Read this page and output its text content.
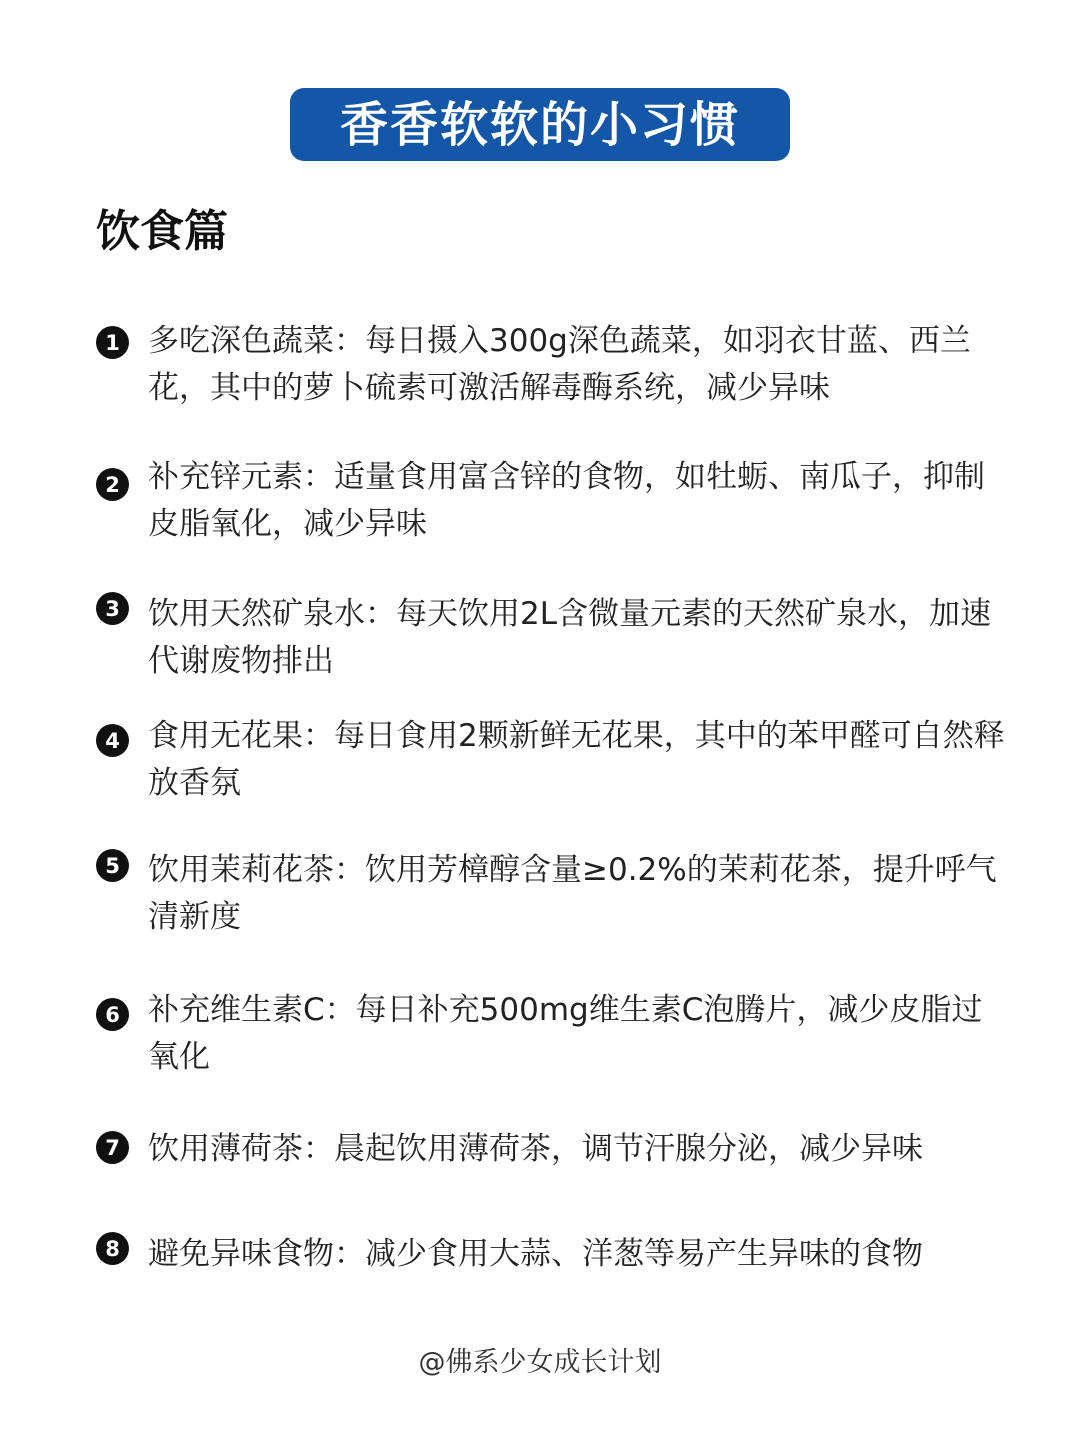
香香软软的小习惯
饮食篇
1 多吃深色蔬菜：每日摄入300g深色蔬菜，如羽衣甘蓝、西兰花，其中的萝卜硫素可激活解毒酶系统，减少异味
2 补充锌元素：适量食用富含锌的食物，如牡蛎、南瓜子，抑制皮脂氧化，减少异味
3 饮用天然矿泉水：每天饮用2L含微量元素的天然矿泉水，加速代谢废物排出
4 食用无花果：每日食用2颗新鲜无花果，其中的苯甲醛可自然释放香氛
5 饮用茉莉花茶：饮用芳樟醇含量≥0.2%的茉莉花茶，提升呼气清新度
6 补充维生素C：每日补充500mg维生素C泡腾片，减少皮脂过氧化
7 饮用薄荷茶：晨起饮用薄荷茶，调节汗腺分泌，减少异味
8 避免异味食物：减少食用大蒜、洋葱等易产生异味的食物
@佛系少女成长计划
